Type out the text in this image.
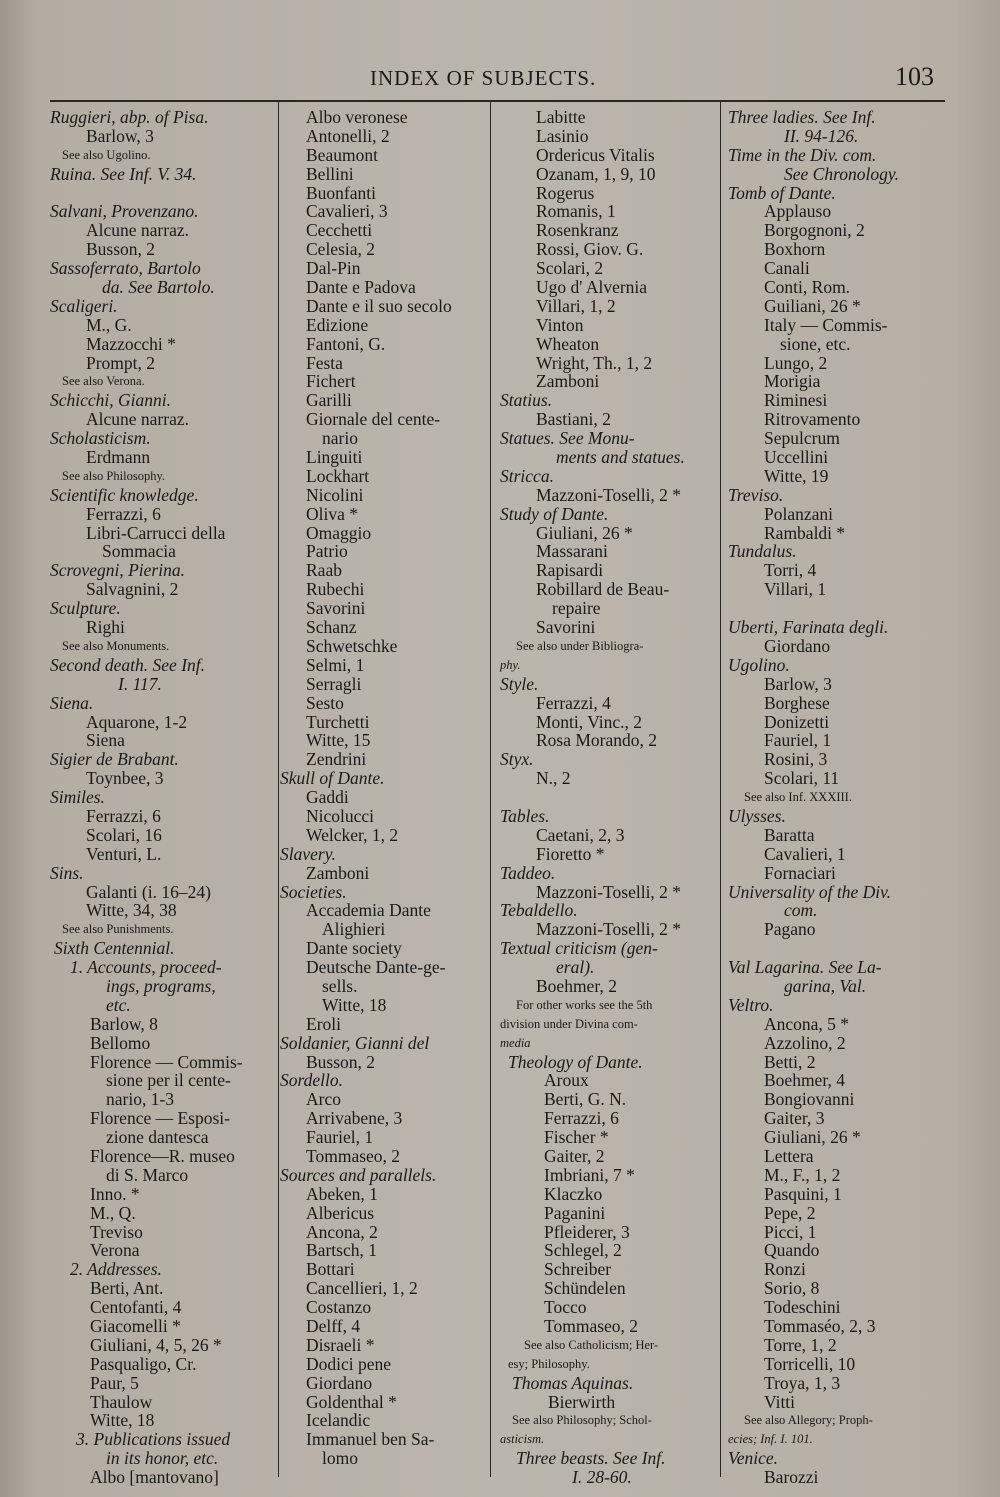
INDEX OF SUBJECTS.	103
Ruggieri, abp. of Pisa.
Barlow, 3
See also Ugolino.
Ruina. See Inf. V. 34.
Salvani, Provenzano.
Alcune narraz.
Busson, 2
Sassoferrato, Bartolo
da. See Bartolo.
Scaligeri.
M., G.
Mazzocchi *
Prompt, 2
See also Verona.
Schicchi, Gianni.
Alcune narraz.
Scholasticism.
Erdmann
See also Philosophy.
Scientific knowledge.
Ferrazzi, 6
Libri-Carrucci della
Sommacia
Scrovegni, Pierina.
Salvagnini, 2
Sculpture.
Righi
See also Monuments.
Second death. See Inf.
I. 117.
Siena.
Aquarone, 1-2
Siena
Sigier de Brabant.
Toynbee, 3
Similes.
Ferrazzi, 6
Scolari, 16
Venturi, L.
Sins.
Galanti (i. 16–24)
Witte, 34, 38
See also Punishments.
Sixth Centennial.
1. Accounts, proceed-
ings, programs,
etc.
Barlow, 8
Bellomo
Florence — Commis-
sione per il cente-
nario, 1-3
Florence — Esposi-
zione dantesca
Florence—R. museo
di S. Marco
Inno. *
M., Q.
Treviso
Verona
2. Addresses.
Berti, Ant.
Centofanti, 4
Giacomelli *
Giuliani, 4, 5, 26 *
Pasqualigo, Cr.
Paur, 5
Thaulow
Witte, 18
3. Publications issued
in its honor, etc.
Albo [mantovano]
Albo veronese
Antonelli, 2
Beaumont
Bellini
Buonfanti
Cavalieri, 3
Cecchetti
Celesia, 2
Dal-Pin
Dante e Padova
Dante e il suo secolo
Edizione
Fantoni, G.
Festa
Fichert
Garilli
Giornale del cente-
nario
Linguiti
Lockhart
Nicolini
Oliva *
Omaggio
Patrio
Raab
Rubechi
Savorini
Schanz
Schwetschke
Selmi, 1
Serragli
Sesto
Turchetti
Witte, 15
Zendrini
Skull of Dante.
Gaddi
Nicolucci
Welcker, 1, 2
Slavery.
Zamboni
Societies.
Accademia Dante
Alighieri
Dante society
Deutsche Dante-ge-
sells.
Witte, 18
Eroli
Soldanier, Gianni del
Busson, 2
Sordello.
Arco
Arrivabene, 3
Fauriel, 1
Tommaseo, 2
Sources and parallels.
Abeken, 1
Albericus
Ancona, 2
Bartsch, 1
Bottari
Cancellieri, 1, 2
Costanzo
Delff, 4
Disraeli *
Dodici pene
Giordano
Goldenthal *
Icelandic
Immanuel ben Sa-
lomo
Labitte
Lasinio
Ordericus Vitalis
Ozanam, 1, 9, 10
Rogerus
Romanis, 1
Rosenkranz
Rossi, Giov. G.
Scolari, 2
Ugo d' Alvernia
Villari, 1, 2
Vinton
Wheaton
Wright, Th., 1, 2
Zamboni
Statius.
Bastiani, 2
Statues. See Monu-
ments and statues.
Stricca.
Mazzoni-Toselli, 2 *
Study of Dante.
Giuliani, 26 *
Massarani
Rapisardi
Robillard de Beau-
repaire
Savorini
See also under Bibliogra-
phy.
Style.
Ferrazzi, 4
Monti, Vinc., 2
Rosa Morando, 2
Styx.
N., 2
Tables.
Caetani, 2, 3
Fioretto *
Taddeo.
Mazzoni-Toselli, 2 *
Tebaldello.
Mazzoni-Toselli, 2 *
Textual criticism (gen-
eral).
Boehmer, 2
For other works see the 5th
division under Divina com-
media
Theology of Dante.
Aroux
Berti, G. N.
Ferrazzi, 6
Fischer *
Gaiter, 2
Imbriani, 7 *
Klaczko
Paganini
Pfleiderer, 3
Schlegel, 2
Schreiber
Schündelen
Tocco
Tommaseo, 2
See also Catholicism; Her-
esy; Philosophy.
Thomas Aquinas.
Bierwirth
See also Philosophy; Schol-
asticism.
Three beasts. See Inf.
I. 28-60.
Three ladies. See Inf.
II. 94-126.
Time in the Div. com.
See Chronology.
Tomb of Dante.
Applauso
Borgognoni, 2
Boxhorn
Canali
Conti, Rom.
Guiliani, 26 *
Italy — Commis-
sione, etc.
Lungo, 2
Morigia
Riminesi
Ritrovamento
Sepulcrum
Uccellini
Witte, 19
Treviso.
Polanzani
Rambaldi *
Tundalus.
Torri, 4
Villari, 1
Uberti, Farinata degli.
Giordano
Ugolino.
Barlow, 3
Borghese
Donizetti
Fauriel, 1
Rosini, 3
Scolari, 11
See also Inf. XXXIII.
Ulysses.
Baratta
Cavalieri, 1
Fornaciari
Universality of the Div.
com.
Pagano
Val Lagarina. See La-
garina, Val.
Veltro.
Ancona, 5 *
Azzolino, 2
Betti, 2
Boehmer, 4
Bongiovanni
Gaiter, 3
Giuliani, 26 *
Lettera
M., F., 1, 2
Pasquini, 1
Pepe, 2
Picci, 1
Quando
Ronzi
Sorio, 8
Todeschini
Tommaséo, 2, 3
Torre, 1, 2
Torricelli, 10
Troya, 1, 3
Vitti
See also Allegory; Proph-
ecies; Inf. I. 101.
Venice.
Barozzi
